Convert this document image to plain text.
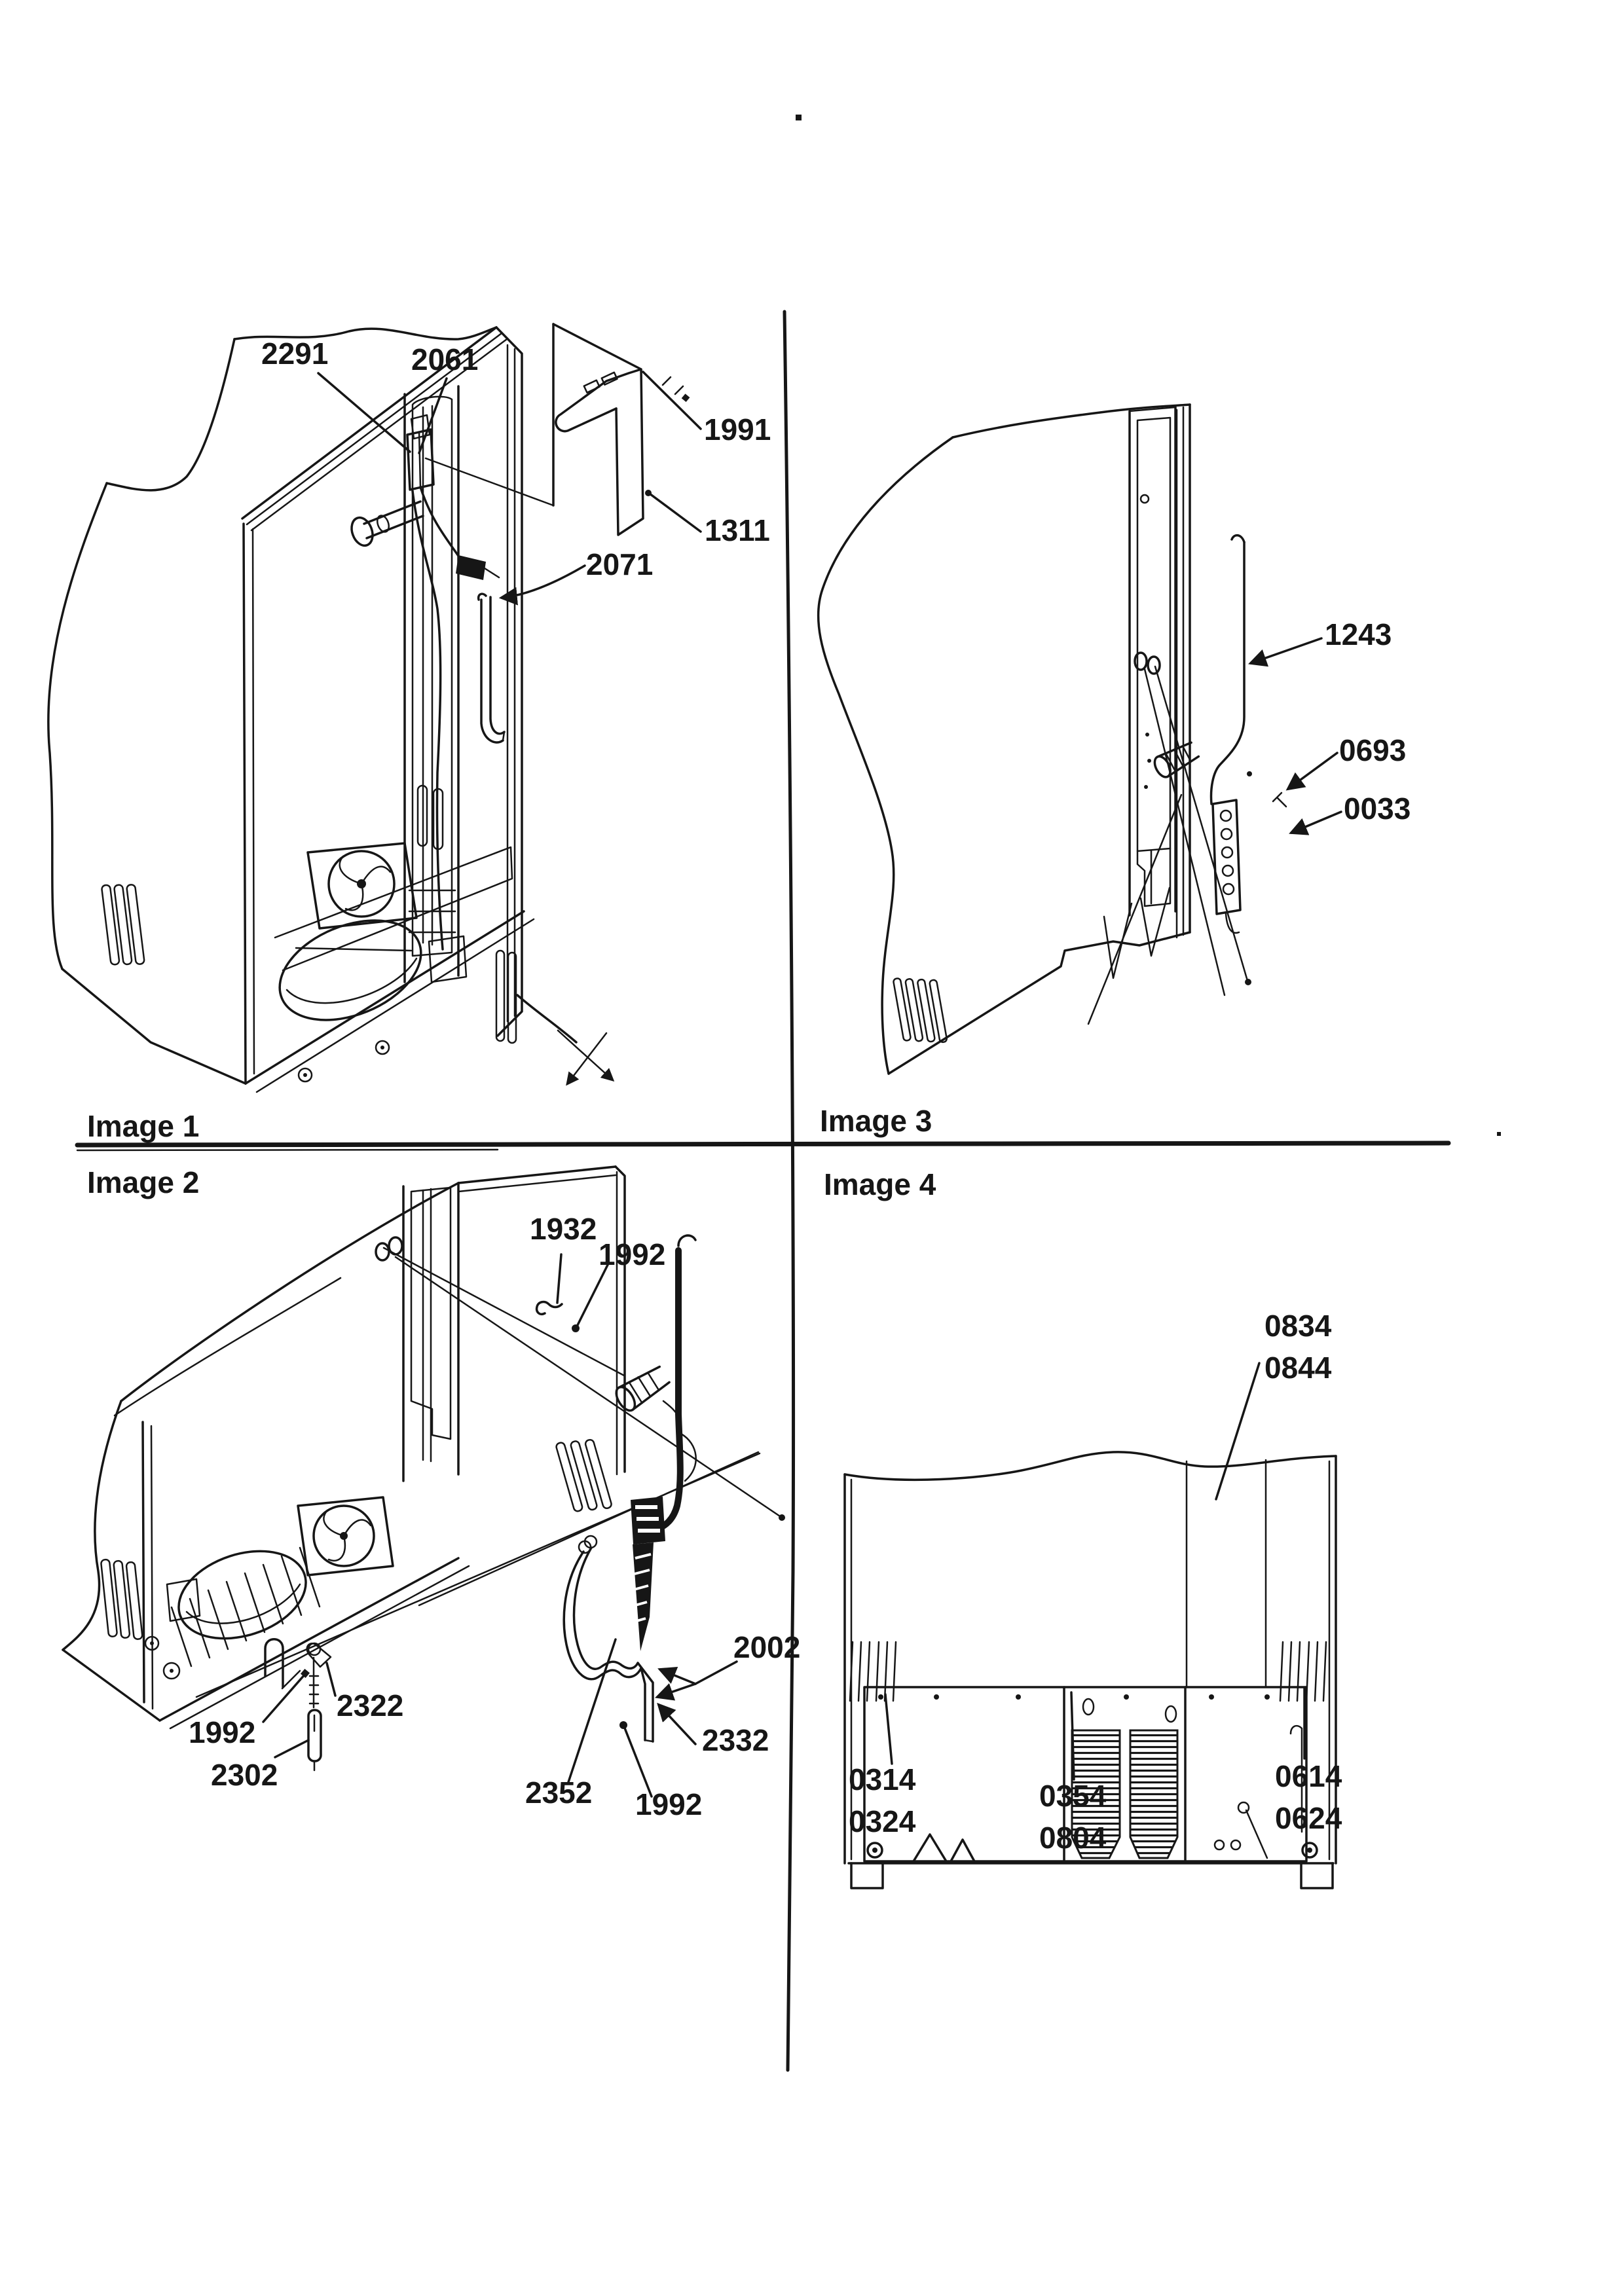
2291	2061
1991
1311
2071
Image 1
1243
0693
0033
Image 3
1932
1992
2002
2322
1992
2302
2352 1992
2332
Image 2
0834
0844
0314
0324
0354
0804
0614
0624
Image 4
